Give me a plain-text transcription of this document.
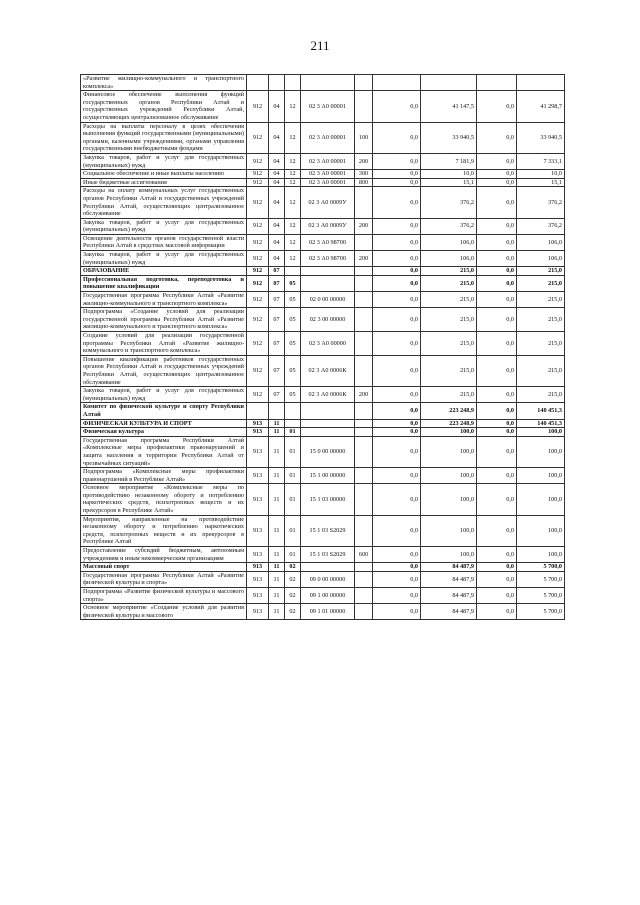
211
«Развитие жилищно-коммунального и транспортного комплекса»									
Финансовое обеспечение выполнения функций государственных органов Республики Алтай и государственных учреждений Республики Алтай, осуществляющих централизованное обслуживание	912	04	12	02 3 А0 00001		0,0	41 147,5	0,0	41 298,7
Расходы на выплаты персоналу в целях обеспечения выполнения функций государственными (муниципальными) органами, казенными учреждениями, органами управления государственными внебюджетными фондами	912	04	12	02 3 А0 00001	100	0,0	33 940,5	0,0	33 940,5
Закупка товаров, работ и услуг для государственных (муниципальных) нужд	912	04	12	02 3 А0 00001	200	0,0	7 181,9	0,0	7 333,1
Социальное обеспечение и иные выплаты населению	912	04	12	02 3 А0 00001	300	0,0	10,0	0,0	10,0
Иные бюджетные ассигнования	912	04	12	02 3 А0 00001	800	0,0	15,1	0,0	15,1
Расходы на оплату коммунальных услуг государственных органов Республики Алтай и государственных учреждений Республики Алтай, осуществляющих централизованное обслуживание	912	04	12	02 3 А0 0009У		0,0	376,2	0,0	376,2
Закупка товаров, работ и услуг для государственных (муниципальных) нужд	912	04	12	02 3 А0 0009У	200	0,0	376,2	0,0	376,2
Освещение деятельности органов государственной власти Республики Алтай в средствах массовой информации	912	04	12	02 3 А0 98700		0,0	106,0	0,0	106,0
Закупка товаров, работ и услуг для государственных (муниципальных) нужд	912	04	12	02 3 А0 98700	200	0,0	106,0	0,0	106,0
ОБРАЗОВАНИЕ	912	07				0,0	215,0	0,0	215,0
Профессиональная подготовка, переподготовка и повышение квалификации	912	07	05			0,0	215,0	0,0	215,0
Государственная программа Республики Алтай «Развитие жилищно-коммунального и транспортного комплекса»	912	07	05	02 0 00 00000		0,0	215,0	0,0	215,0
Подпрограмма «Создание условий для реализации государственной программы Республики Алтай «Развитие жилищно-коммунального и транспортного комплекса»	912	07	05	02 3 00 00000		0,0	215,0	0,0	215,0
Создание условий для реализации государственной программы Республики Алтай «Развитие жилищно-коммунального и транспортного комплекса»	912	07	05	02 3 А0 00000		0,0	215,0	0,0	215,0
Повышение квалификации работников государственных органов Республики Алтай и государственных учреждений Республики Алтай, осуществляющих централизованное обслуживание	912	07	05	02 3 А0 0006К		0,0	215,0	0,0	215,0
Закупка товаров, работ и услуг для государственных (муниципальных) нужд	912	07	05	02 3 А0 0006К	200	0,0	215,0	0,0	215,0
Комитет по физической культуре и спорту Республики Алтай						0,0	223 248,9	0,0	140 451,3
ФИЗИЧЕСКАЯ КУЛЬТУРА И СПОРТ	913	11				0,0	223 248,9	0,0	140 451,3
Физическая культура	913	11	01			0,0	100,0	0,0	100,0
Государственная программа Республики Алтай «Комплексные меры профилактики правонарушений и защита населения и территории Республики Алтай от чрезвычайных ситуаций»	913	11	01	15 0 00 00000		0,0	100,0	0,0	100,0
Подпрограмма «Комплексные меры профилактики правонарушений в Республике Алтай»	913	11	01	15 1 00 00000		0,0	100,0	0,0	100,0
Основное мероприятие «Комплексные меры по противодействию незаконному обороту и потреблению наркотических средств, психотропных веществ и их прекурсоров в Республике Алтай»	913	11	01	15 1 03 00000		0,0	100,0	0,0	100,0
Мероприятия, направленные на противодействие незаконному обороту и потреблению наркотических средств, психотропных веществ и их прекурсоров в Республике Алтай	913	11	01	15 1 03 S2029		0,0	100,0	0,0	100,0
Предоставление субсидий бюджетным, автономным учреждениям и иным некоммерческим организациям	913	11	01	15 1 03 S2029	600	0,0	100,0	0,0	100,0
Массовый спорт	913	11	02			0,0	84 487,9	0,0	5 700,0
Государственная программа Республики Алтай «Развитие физической культуры и спорта»	913	11	02	09 0 00 00000		0,0	84 487,9	0,0	5 700,0
Подпрограмма «Развитие физической культуры и массового спорта»	913	11	02	09 1 00 00000		0,0	84 487,9	0,0	5 700,0
Основное мероприятие «Создание условий для развития физической культуры и массового	913	11	02	09 1 01 00000		0,0	84 487,9	0,0	5 700,0
